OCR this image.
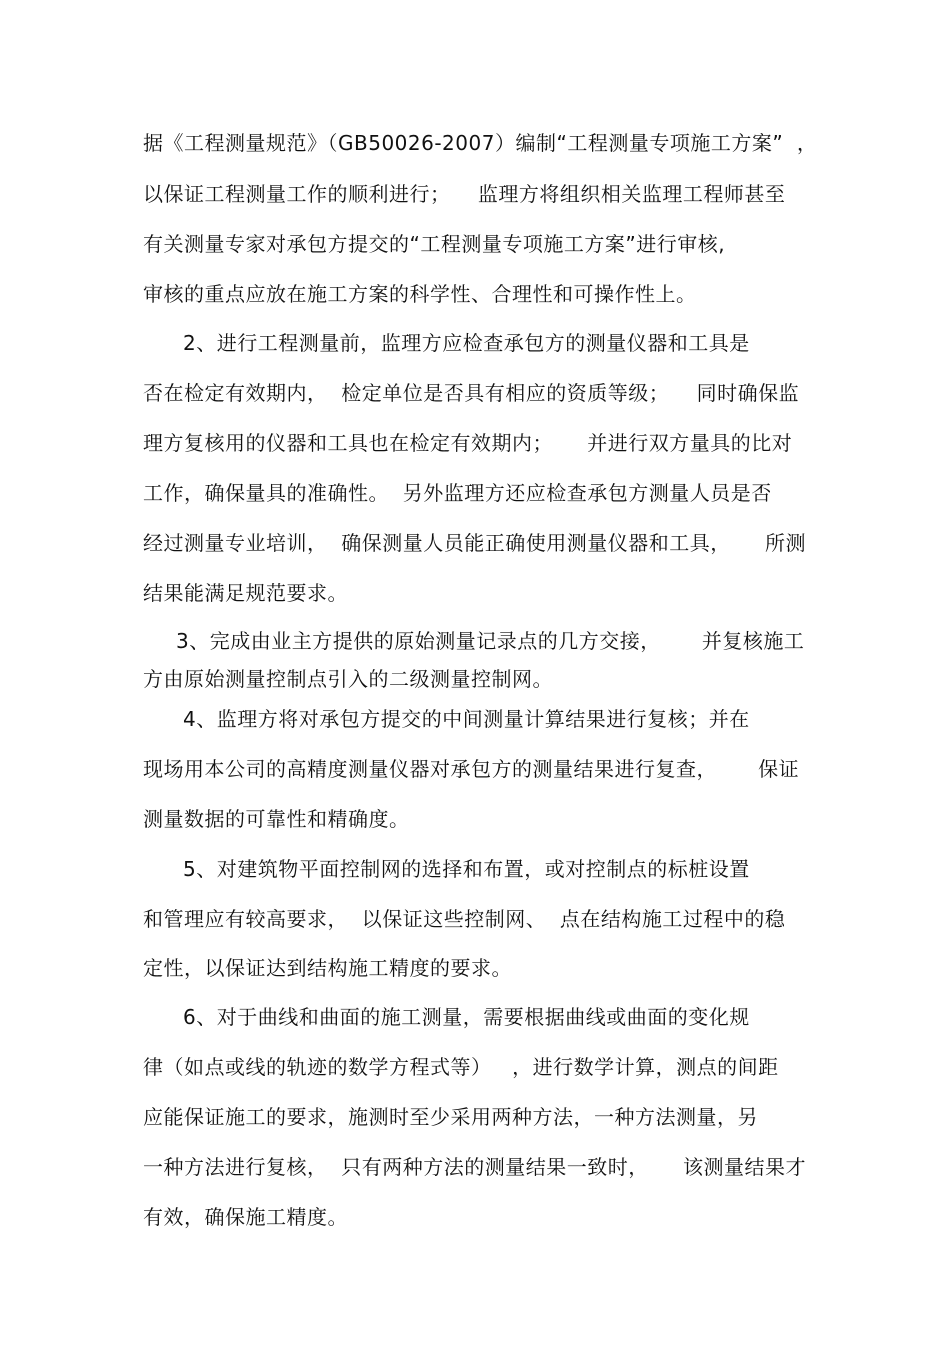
据《工程测量规范》（GB50026-2007）编制“工程测量专项施工方案”  ，
以保证工程测量工作的顺利进行；    监理方将组织相关监理工程师甚至
有关测量专家对承包方提交的“工程测量专项施工方案”进行审核,
审核的重点应放在施工方案的科学性、合理性和可操作性上。
2、进行工程测量前，监理方应检查承包方的测量仪器和工具是
否在检定有效期内，  检定单位是否具有相应的资质等级；    同时确保监
理方复核用的仪器和工具也在检定有效期内；     并进行双方量具的比对
工作，确保量具的准确性。  另外监理方还应检查承包方测量人员是否
经过测量专业培训，  确保测量人员能正确使用测量仪器和工具，     所测
结果能满足规范要求。
3、完成由业主方提供的原始测量记录点的几方交接，      并复核施工
方由原始测量控制点引入的二级测量控制网。
4、监理方将对承包方提交的中间测量计算结果进行复核；并在
现场用本公司的高精度测量仪器对承包方的测量结果进行复查，      保证
测量数据的可靠性和精确度。
5、对建筑物平面控制网的选择和布置，或对控制点的标桩设置
和管理应有较高要求，  以保证这些控制网、  点在结构施工过程中的稳
定性，以保证达到结构施工精度的要求。
6、对于曲线和曲面的施工测量，需要根据曲线或曲面的变化规
律（如点或线的轨迹的数学方程式等）   ，进行数学计算，测点的间距
应能保证施工的要求，施测时至少采用两种方法，一种方法测量，另
一种方法进行复核，  只有两种方法的测量结果一致时，     该测量结果才
有效，确保施工精度。
